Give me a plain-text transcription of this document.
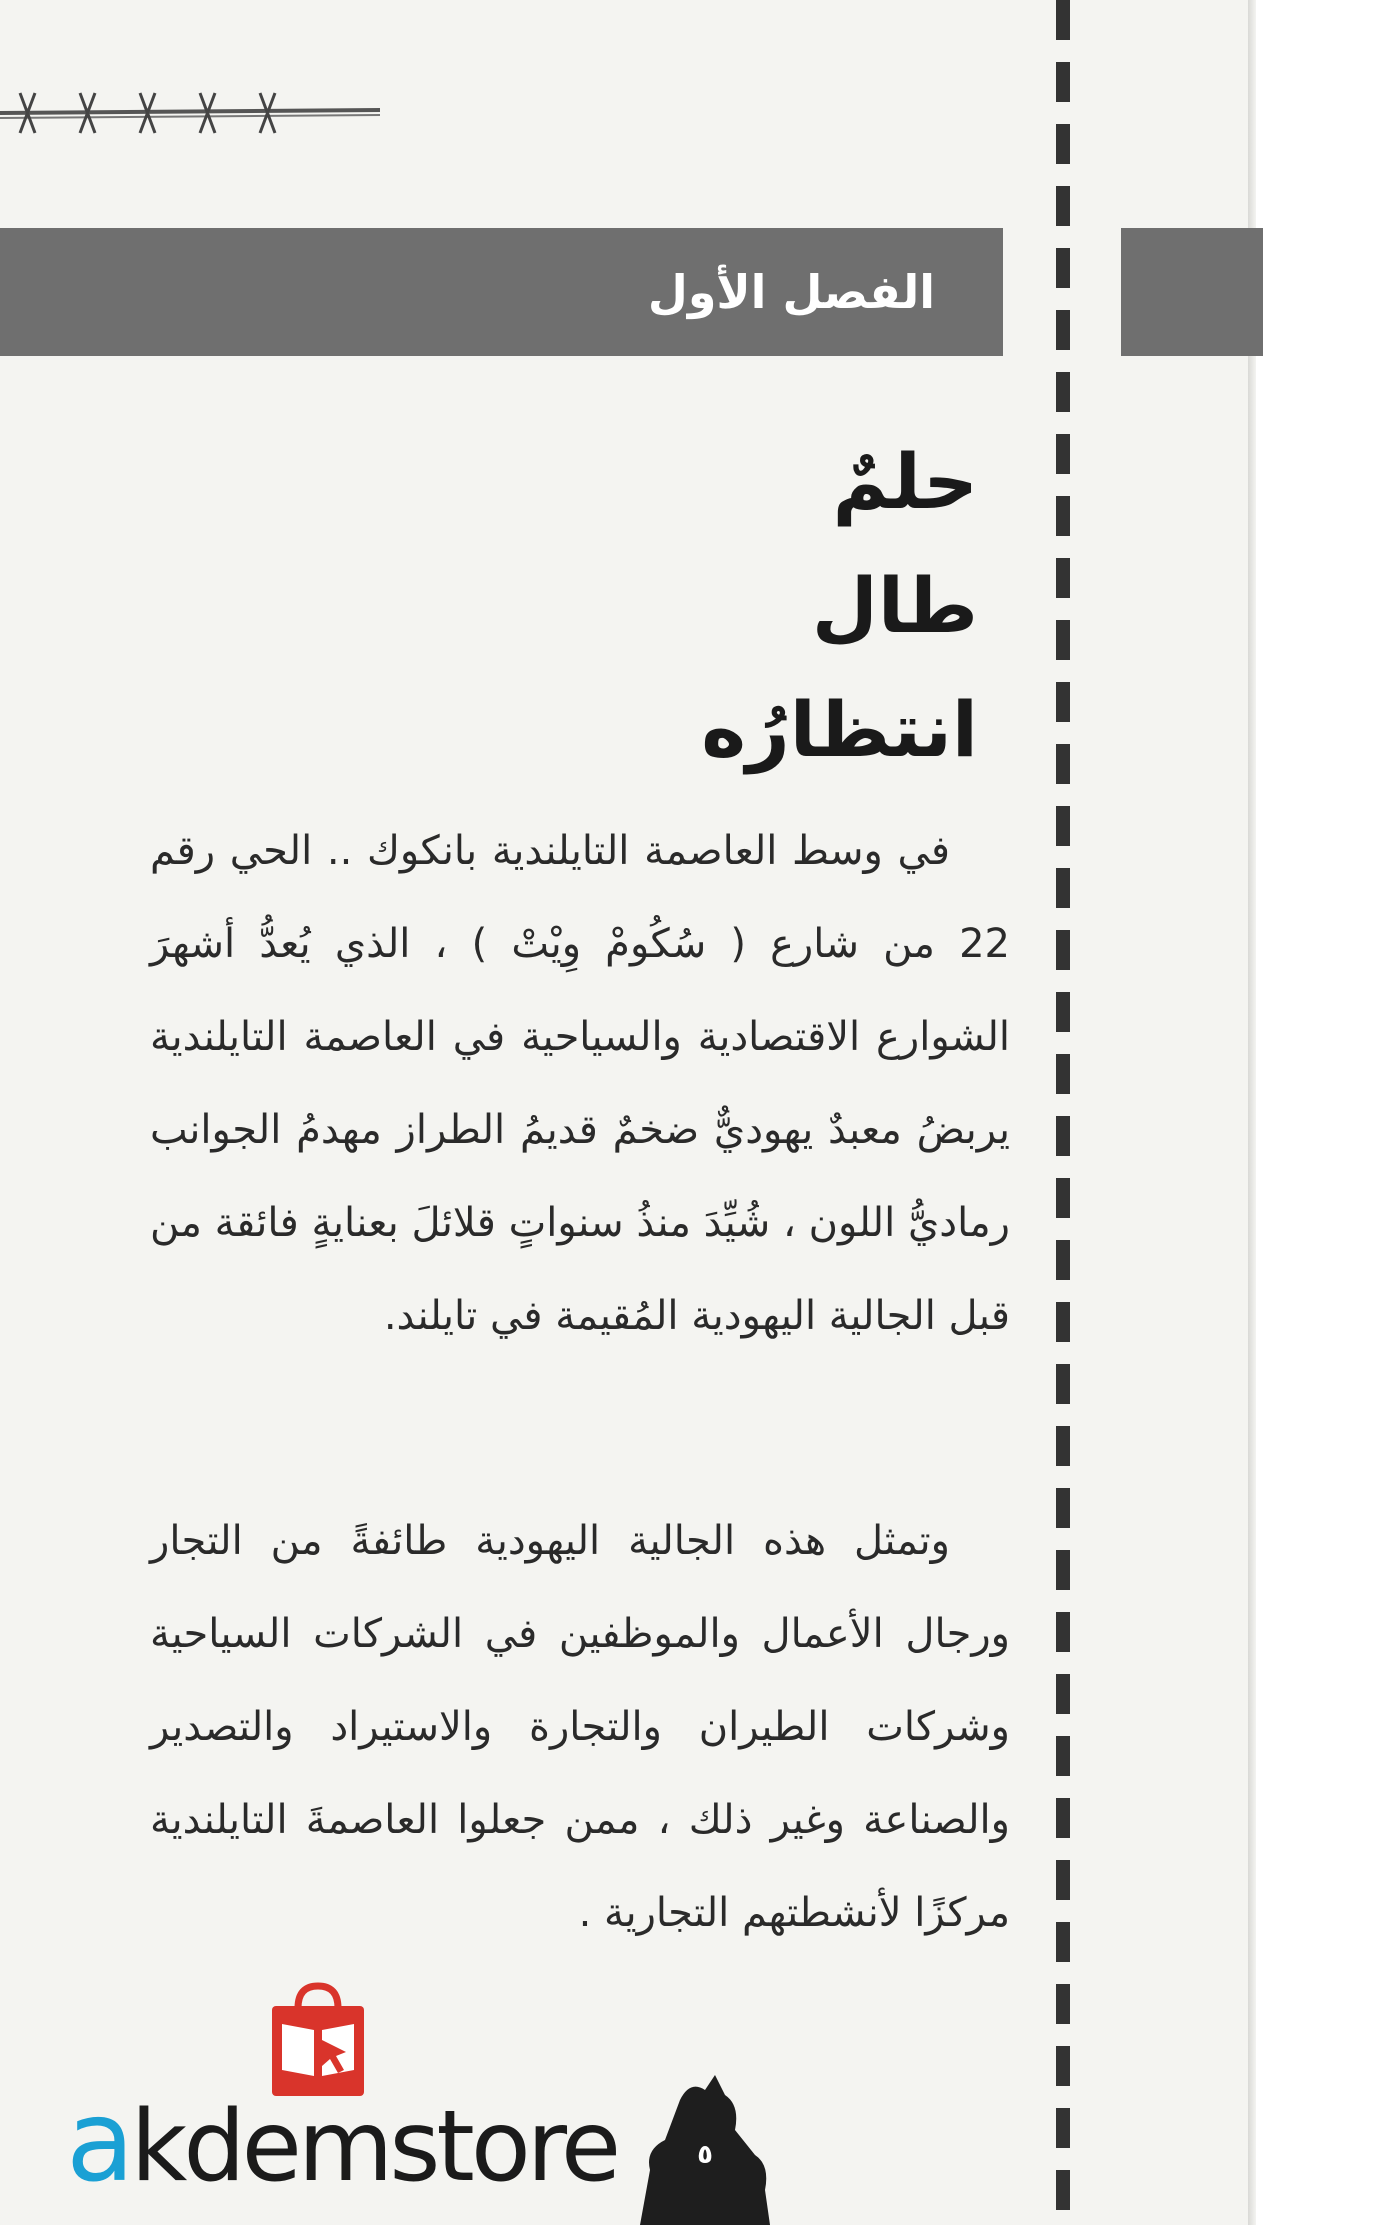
الفصل الأول
حلمٌ
طال
انتظارُه

في وسط العاصمة التايلندية بانكوك .. الحي رقم 22 من شارع ( سُكُومْ وِيْتْ ) ، الذي يُعدُّ أشهرَ الشوارع الاقتصادية والسياحية في العاصمة التايلندية يربضُ معبدٌ يهوديٌّ ضخمٌ قديمُ الطراز مهدمُ الجوانب رماديُّ اللون ، شُيِّدَ منذُ سنواتٍ قلائلَ بعنايةٍ فائقة من قبل الجالية اليهودية المُقيمة في تايلند.

وتمثل هذه الجالية اليهودية طائفةً من التجار ورجال الأعمال والموظفين في الشركات السياحية وشركات الطيران والتجارة والاستيراد والتصدير والصناعة وغير ذلك ، ممن جعلوا العاصمةَ التايلندية مركزًا لأنشطتهم التجارية .

٥
akdemstore
